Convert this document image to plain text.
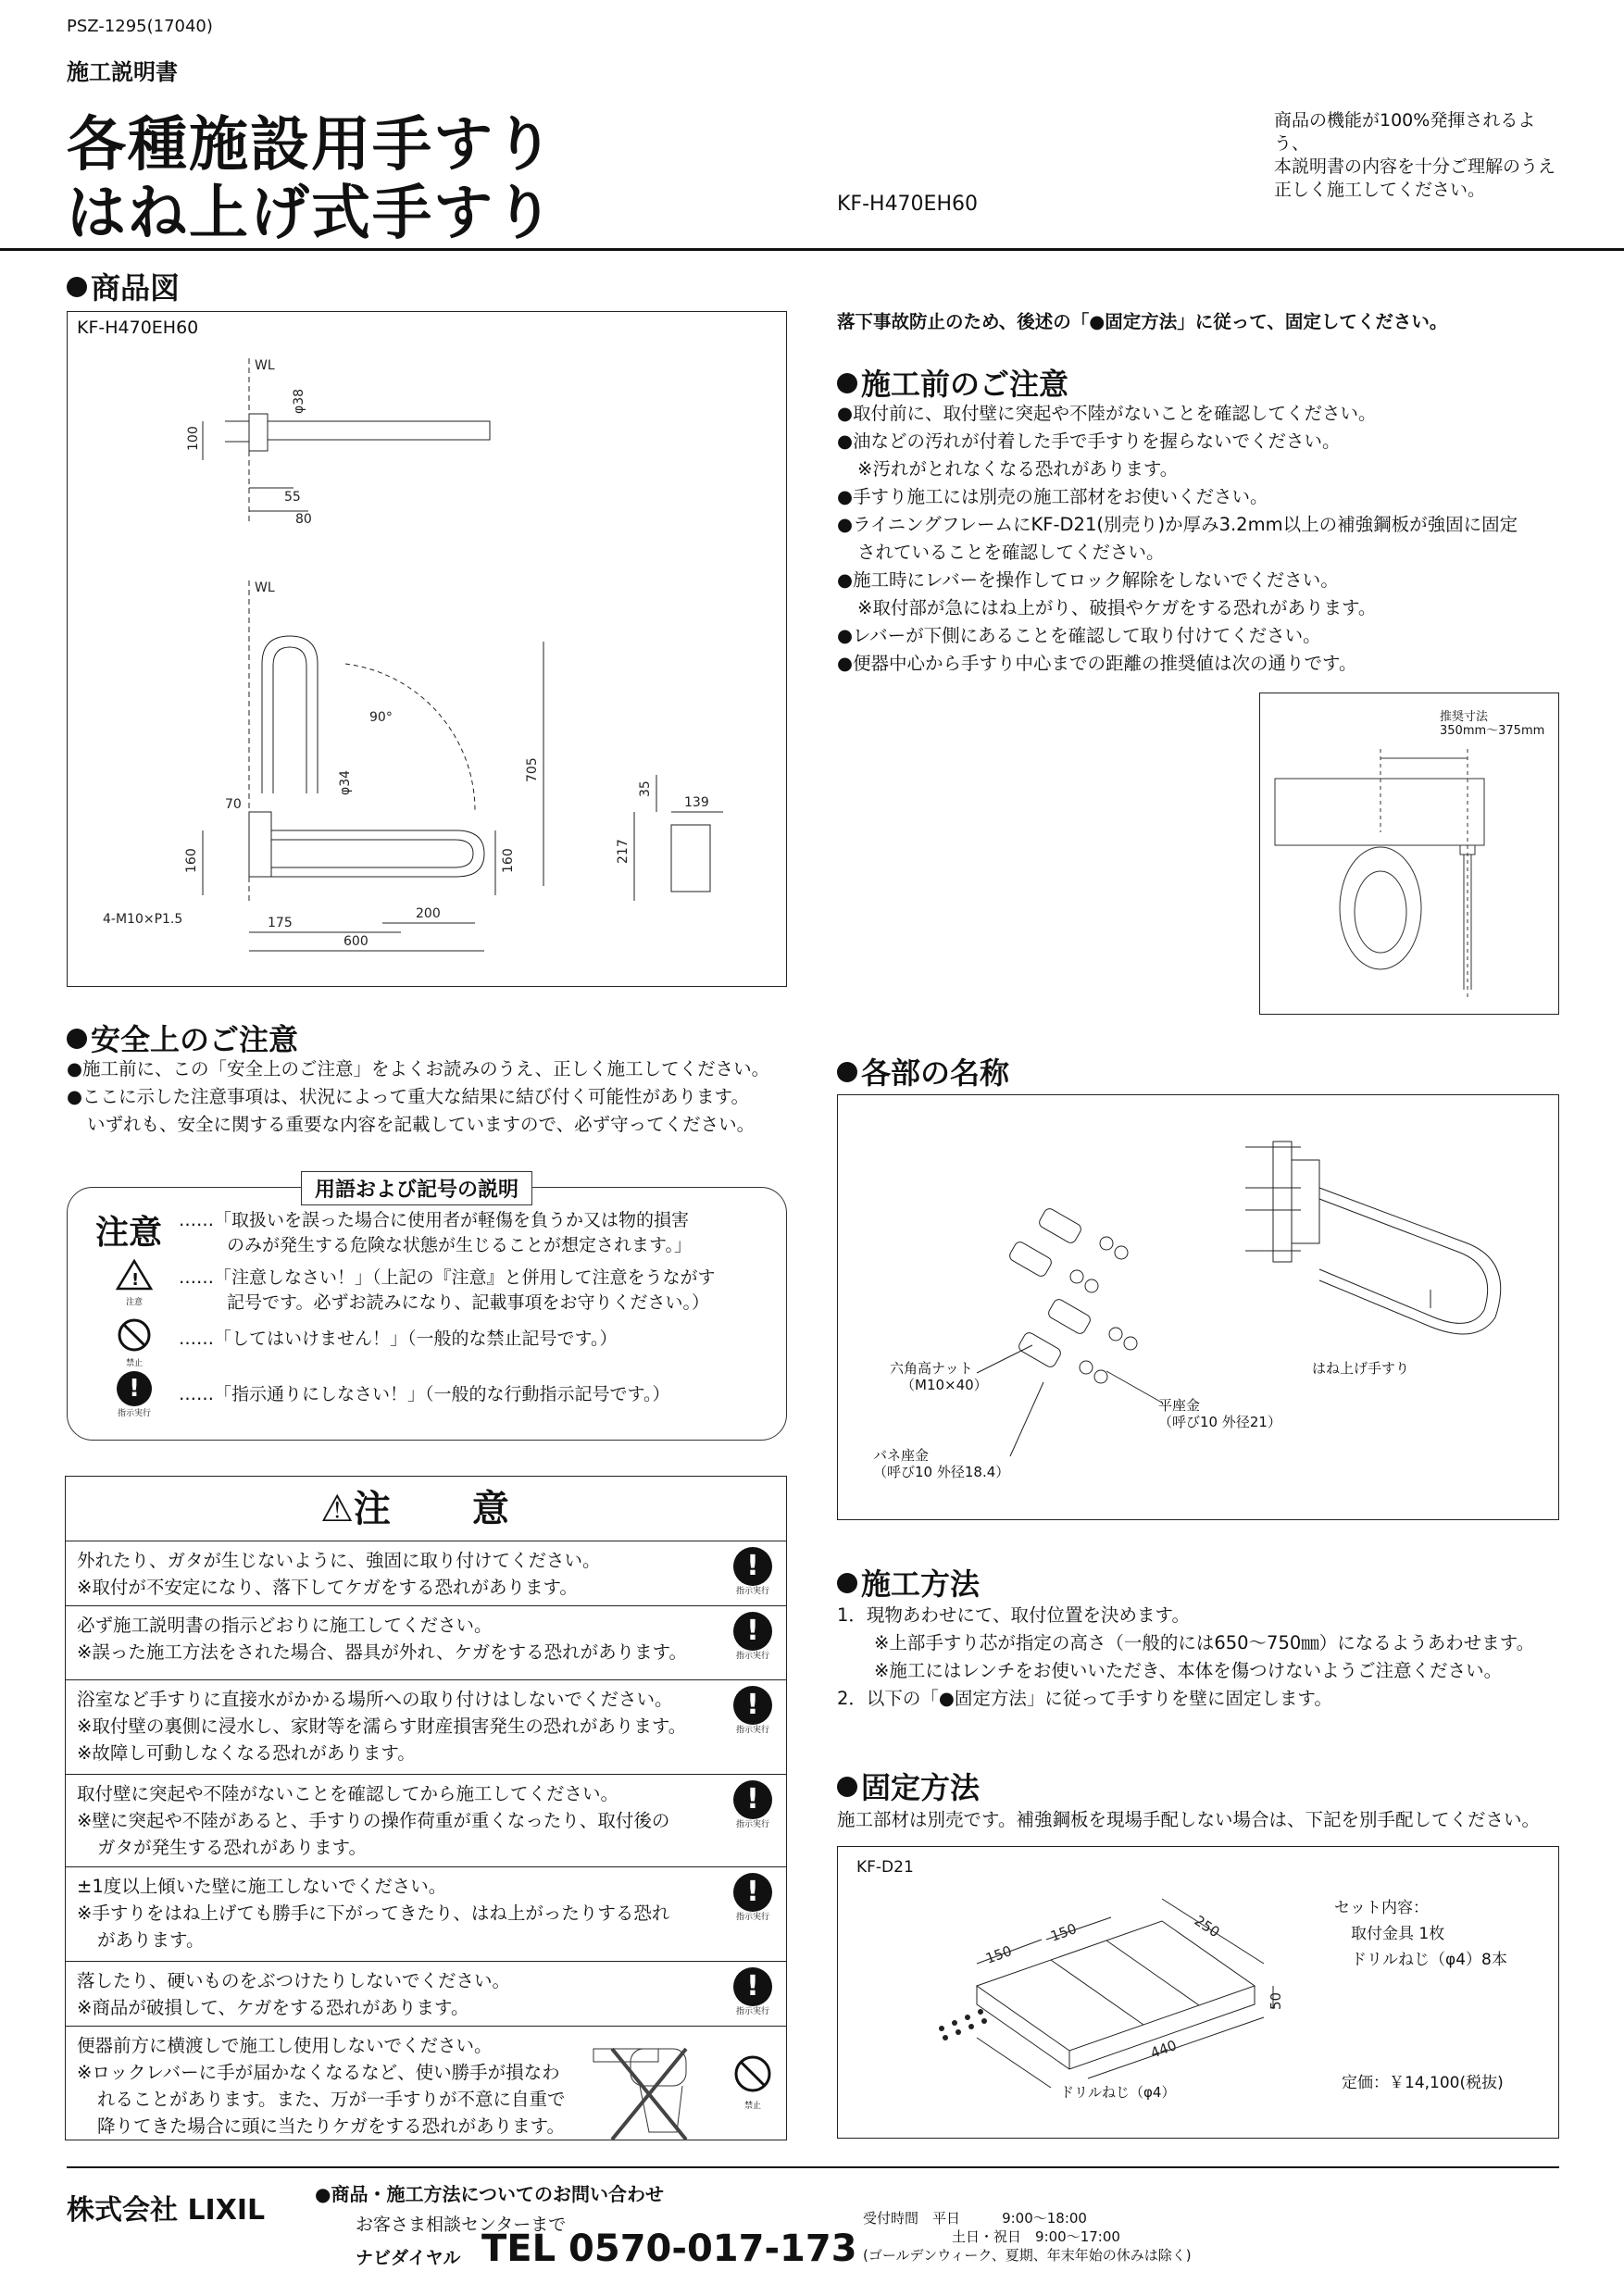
PSZ-1295(17040)
施工説明書
各種施設用手すり
はね上げ式手すり	KF-H470EH60
商品の機能が100%発揮されるよう、
本説明書の内容を十分ご理解のうえ
正しく施工してください。
商品図
KF-H470EH60
WL
100
φ38
55
80
WL
90°
φ34
705
70
160	160
4-M10×P1.5	175
200
600
139
35
217
安全上のご注意
●施工前に、この「安全上のご注意」をよくお読みのうえ、正しく施工してください。
●ここに示した注意事項は、状況によって重大な結果に結び付く可能性があります。
いずれも、安全に関する重要な内容を記載していますので、必ず守ってください。
用語および記号の説明
注意 ……「取扱いを誤った場合に使用者が軽傷を負うか又は物的損害
のみが発生する危険な状態が生じることが想定されます。」
!
注意
……「注意しなさい！」（上記の『注意』と併用して注意をうながす
記号です。必ずお読みになり、記載事項をお守りください。）
禁止
……「してはいけません！」（一般的な禁止記号です。）
!
指示実行
……「指示通りにしなさい！」（一般的な行動指示記号です。）
⚠注　意
外れたり、ガタが生じないように、強固に取り付けてください。
※取付が不安定になり、落下してケガをする恐れがあります。
!
指示実行
必ず施工説明書の指示どおりに施工してください。
※誤った施工方法をされた場合、器具が外れ、ケガをする恐れがあります。
!
指示実行
浴室など手すりに直接水がかかる場所への取り付けはしないでください。
※取付壁の裏側に浸水し、家財等を濡らす財産損害発生の恐れがあります。
※故障し可動しなくなる恐れがあります。
!
指示実行
取付壁に突起や不陸がないことを確認してから施工してください。
※壁に突起や不陸があると、手すりの操作荷重が重くなったり、取付後の
ガタが発生する恐れがあります。
!
指示実行
±1度以上傾いた壁に施工しないでください。
※手すりをはね上げても勝手に下がってきたり、はね上がったりする恐れ
があります。
!
指示実行
落したり、硬いものをぶつけたりしないでください。
※商品が破損して、ケガをする恐れがあります。
!
指示実行
便器前方に横渡しで施工し使用しないでください。
※ロックレバーに手が届かなくなるなど、使い勝手が損なわ
れることがあります。また、万が一手すりが不意に自重で
降りてきた場合に頭に当たりケガをする恐れがあります。
禁止
落下事故防止のため、後述の「●固定方法」に従って、固定してください。
施工前のご注意
●取付前に、取付壁に突起や不陸がないことを確認してください。
●油などの汚れが付着した手で手すりを握らないでください。
※汚れがとれなくなる恐れがあります。
●手すり施工には別売の施工部材をお使いください。
●ライニングフレームにKF-D21(別売り)か厚み3.2mm以上の補強鋼板が強固に固定
されていることを確認してください。
●施工時にレバーを操作してロック解除をしないでください。
※取付部が急にはね上がり、破損やケガをする恐れがあります。
●レバーが下側にあることを確認して取り付けてください。
●便器中心から手すり中心までの距離の推奨値は次の通りです。
推奨寸法
350mm～375mm
各部の名称
六角高ナット
（M10×40）
平座金
（呼び10 外径21）
バネ座金
（呼び10 外径18.4）
はね上げ手すり
施工方法
1．現物あわせにて、取付位置を決めます。
※上部手すり芯が指定の高さ（一般的には650～750㎜）になるようあわせます。
※施工にはレンチをお使いいただき、本体を傷つけないようご注意ください。
2．以下の「●固定方法」に従って手すりを壁に固定します。
固定方法
施工部材は別売です。補強鋼板を現場手配しない場合は、下記を別手配してください。
KF-D21
150
150	250
50
440
ドリルねじ（φ4）
セット内容：
取付金具 1枚
ドリルねじ（φ4）8本
定価：￥14,100(税抜)
株式会社 LIXIL	●商品・施工方法についてのお問い合わせ
お客さま相談センターまで
ナビダイヤル TEL 0570-017-173
受付時間　 平日　　　	9:00～18:00
土日・祝日　 9:00～17:00
(ゴールデンウィーク、夏期、年末年始の休みは除く)
